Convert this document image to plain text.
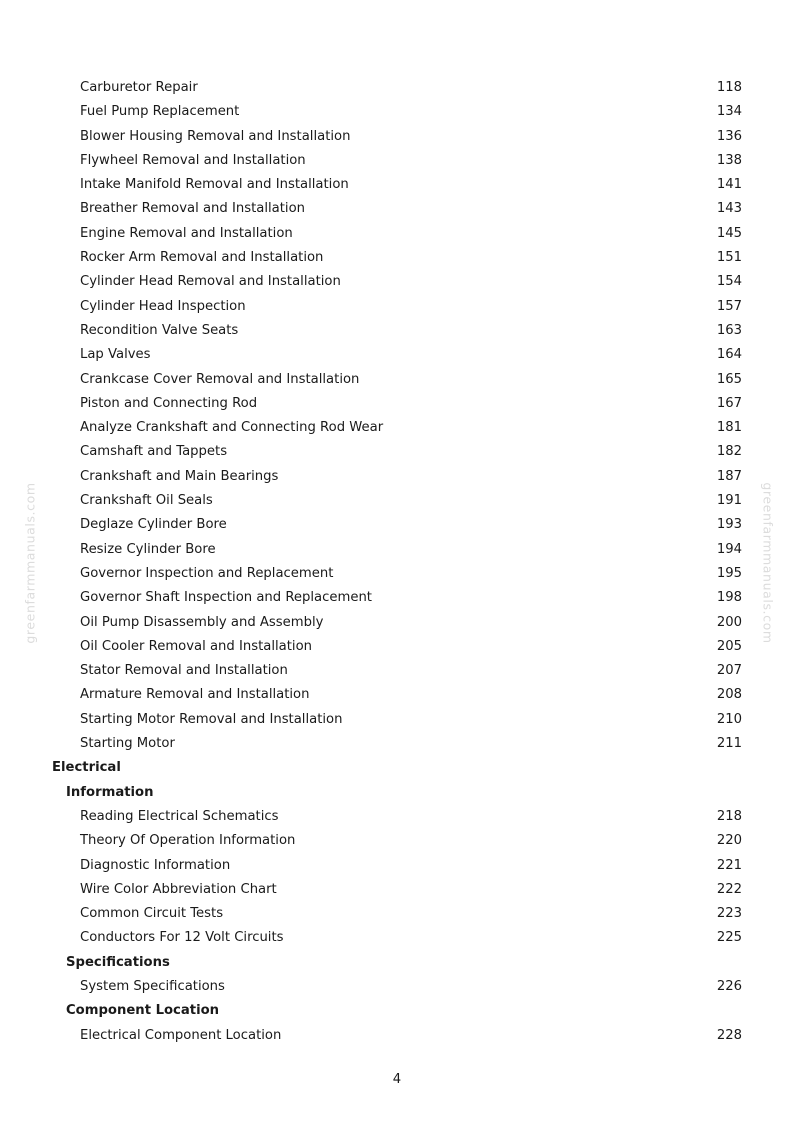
Carburetor Repair	118
Fuel Pump Replacement	134
Blower Housing Removal and Installation	136
Flywheel Removal and Installation	138
Intake Manifold Removal and Installation	141
Breather Removal and Installation	143
Engine Removal and Installation	145
Rocker Arm Removal and Installation	151
Cylinder Head Removal and Installation	154
Cylinder Head Inspection	157
Recondition Valve Seats	163
Lap Valves	164
Crankcase Cover Removal and Installation	165
Piston and Connecting Rod	167
Analyze Crankshaft and Connecting Rod Wear	181
Camshaft and Tappets	182
Crankshaft and Main Bearings	187
Crankshaft Oil Seals	191
Deglaze Cylinder Bore	193
Resize Cylinder Bore	194
Governor Inspection and Replacement	195
Governor Shaft Inspection and Replacement	198
Oil Pump Disassembly and Assembly	200
Oil Cooler Removal and Installation	205
Stator Removal and Installation	207
Armature Removal and Installation	208
Starting Motor Removal and Installation	210
Starting Motor	211
Electrical
Information
Reading Electrical Schematics	218
Theory Of Operation Information	220
Diagnostic Information	221
Wire Color Abbreviation Chart	222
Common Circuit Tests	223
Conductors For 12 Volt Circuits	225
Specifications
System Specifications	226
Component Location
Electrical Component Location	228
greenfarmmanuals.com	greenfarmmanuals.com
4
